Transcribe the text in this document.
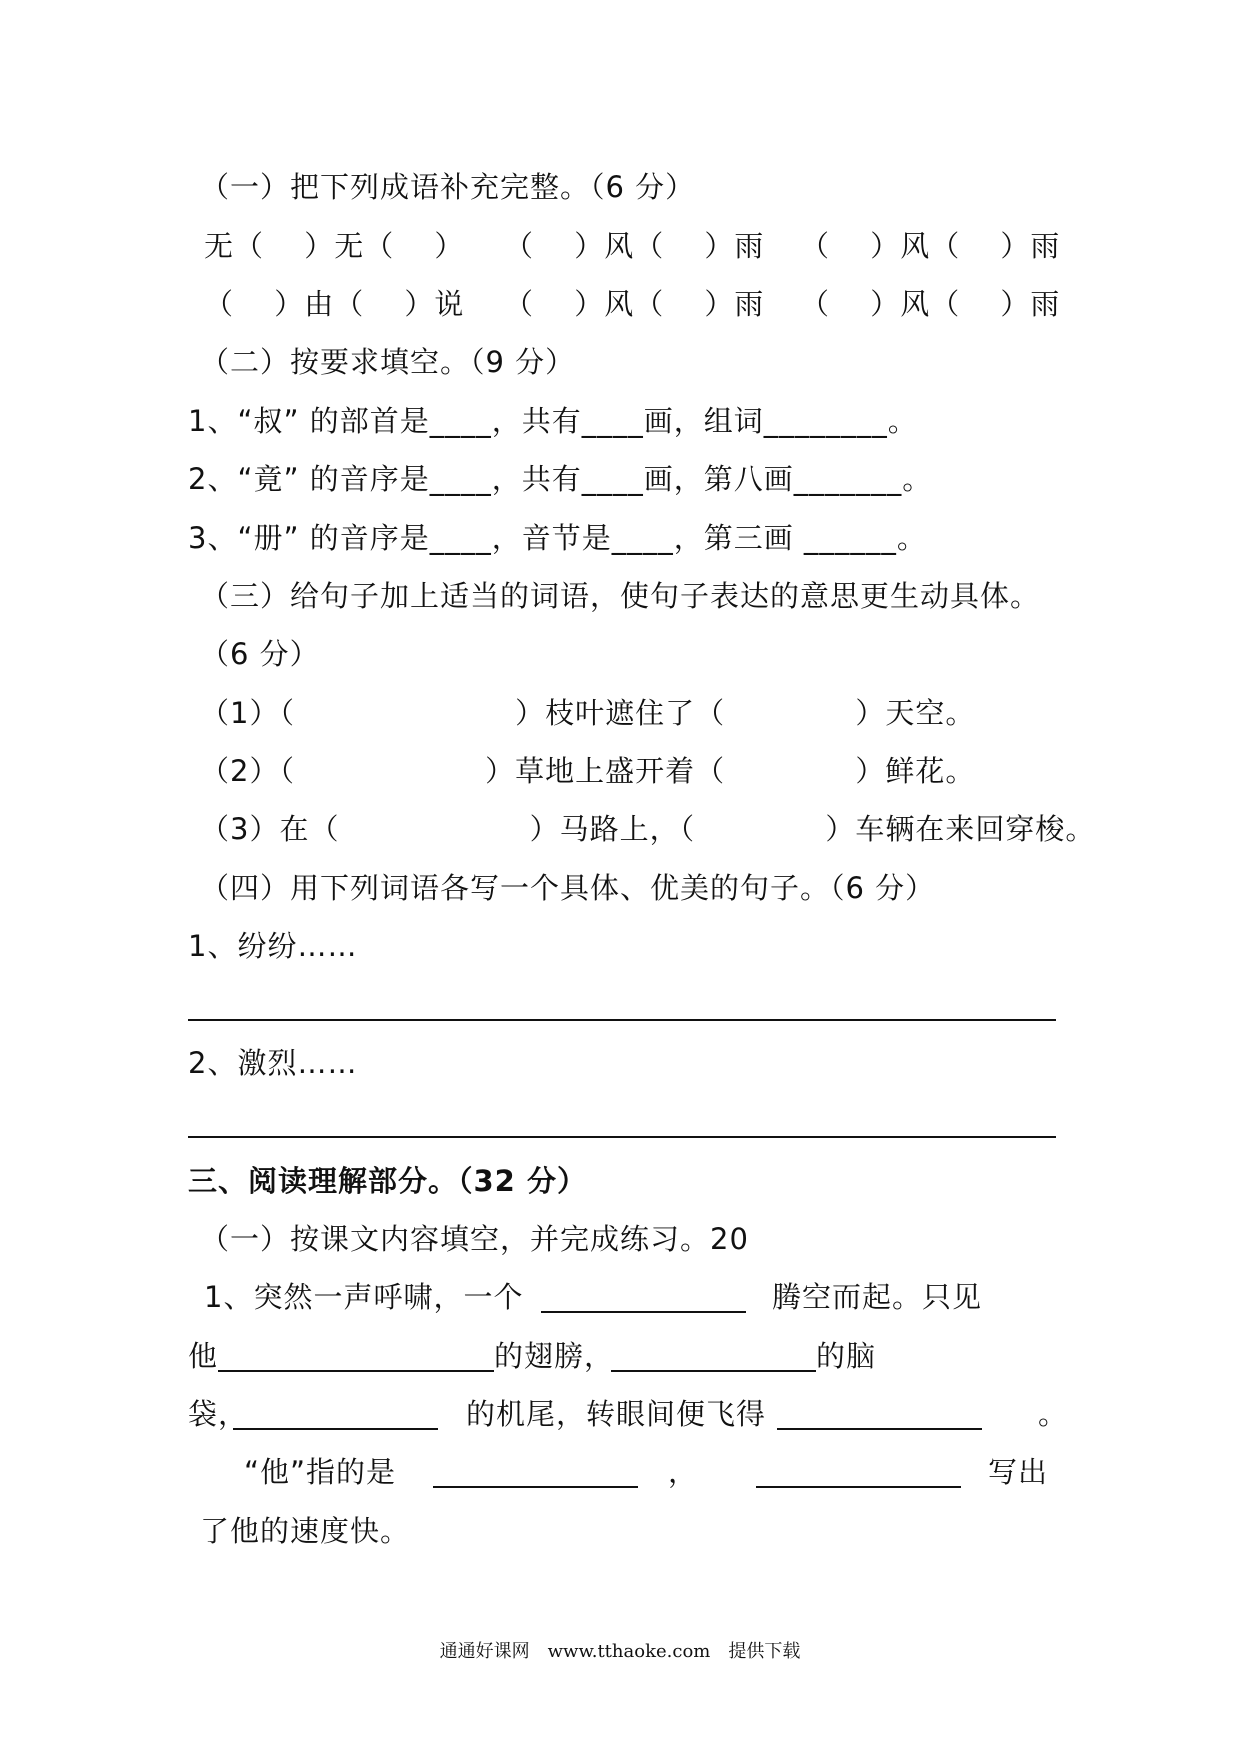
（一）把下列成语补充完整。（6 分）
无（　 ）无（　 ） （　 ）风（　 ）雨 （　 ）风（　 ）雨
（　 ）由（　 ）说 （　 ）风（　 ）雨 （　 ）风（　 ）雨
（二）按要求填空。（9 分）
1、“叔” 的部首是____，共有____画，组词________。
2、“竟” 的音序是____，共有____画，第八画_______。
3、“册” 的音序是____，音节是____，第三画 ______。
（三）给句子加上适当的词语，使句子表达的意思更生动具体。
（6 分）
（1）（　　　　　　　 ）枝叶遮住了（　　　　 ）天空。
（2）（　　　　　　 ）草地上盛开着（　　　　 ）鲜花。
（3）在（　　　　　　 ）马路上，（　　　　 ）车辆在来回穿梭。
（四）用下列词语各写一个具体、优美的句子。（6 分）
1、纷纷……
2、激烈……
三、阅读理解部分。（32 分）
（一）按课文内容填空，并完成练习。20
1、突然一声呼啸，一个	腾空而起。只见
他	的翅膀，	的脑
袋，	的机尾，转眼间便飞得	。
“他”指的是	，	写出
了他的速度快。
通通好课网　www.tthaoke.com　提供下载
